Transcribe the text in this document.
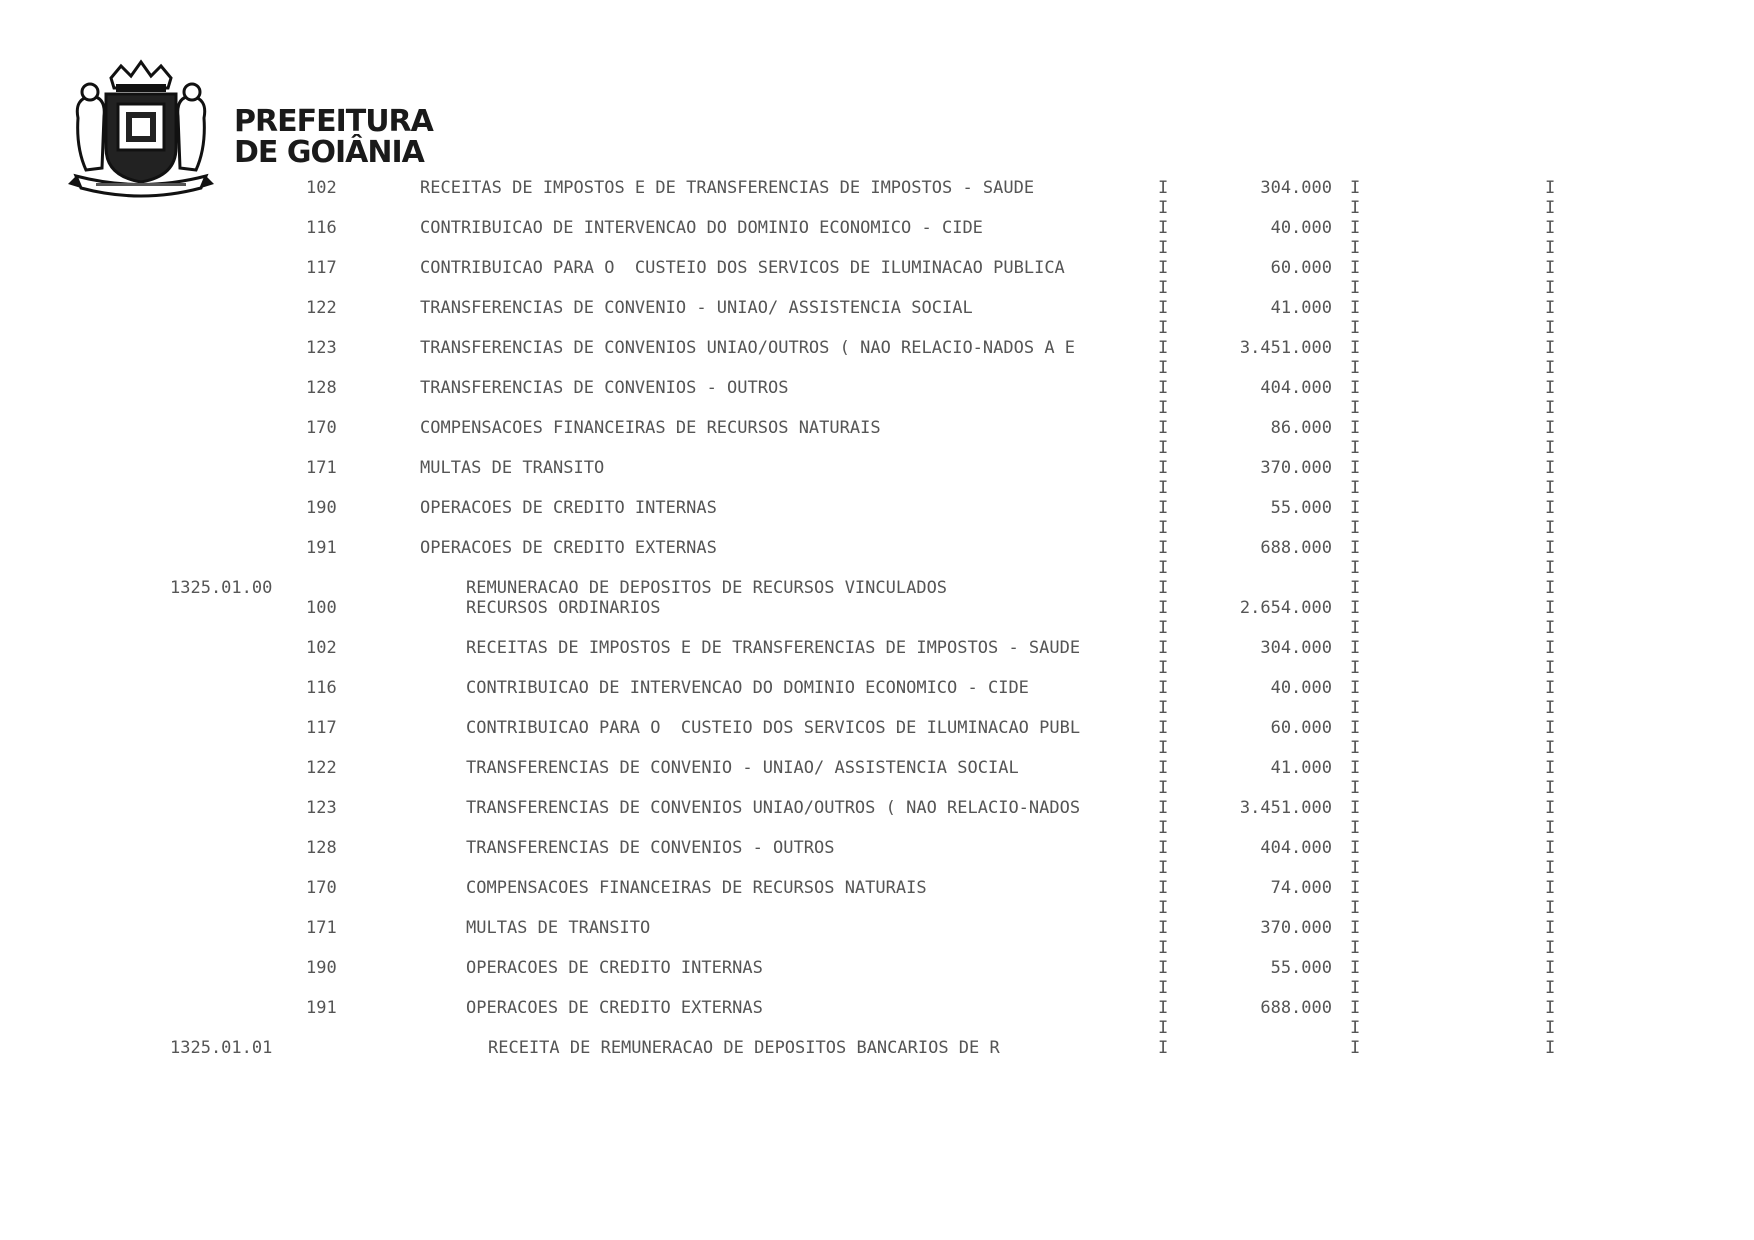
PREFEITURA
DE GOIÂNIA
102	RECEITAS DE IMPOSTOS E DE TRANSFERENCIAS DE IMPOSTOS - SAUDE	I	304.000 I	I
I	I	I
116	CONTRIBUICAO DE INTERVENCAO DO DOMINIO ECONOMICO - CIDE	I	40.000 I	I
I	I	I
117	CONTRIBUICAO PARA O  CUSTEIO DOS SERVICOS DE ILUMINACAO PUBLICA	I	60.000 I	I
I	I	I
122	TRANSFERENCIAS DE CONVENIO - UNIAO/ ASSISTENCIA SOCIAL	I	41.000 I	I
I	I	I
123	TRANSFERENCIAS DE CONVENIOS UNIAO/OUTROS ( NAO RELACIO-NADOS A E	I	3.451.000 I	I
I	I	I
128	TRANSFERENCIAS DE CONVENIOS - OUTROS	I	404.000 I	I
I	I	I
170	COMPENSACOES FINANCEIRAS DE RECURSOS NATURAIS	I	86.000 I	I
I	I	I
171	MULTAS DE TRANSITO	I	370.000 I	I
I	I	I
190	OPERACOES DE CREDITO INTERNAS	I	55.000 I	I
I	I	I
191	OPERACOES DE CREDITO EXTERNAS	I	688.000 I	I
I	I	I
1325.01.00	REMUNERACAO DE DEPOSITOS DE RECURSOS VINCULADOS	I	I	I
100	RECURSOS ORDINARIOS	I	2.654.000 I	I
I	I	I
102	RECEITAS DE IMPOSTOS E DE TRANSFERENCIAS DE IMPOSTOS - SAUDE	I	304.000 I	I
I	I	I
116	CONTRIBUICAO DE INTERVENCAO DO DOMINIO ECONOMICO - CIDE	I	40.000 I	I
I	I	I
117	CONTRIBUICAO PARA O  CUSTEIO DOS SERVICOS DE ILUMINACAO PUBL	I	60.000 I	I
I	I	I
122	TRANSFERENCIAS DE CONVENIO - UNIAO/ ASSISTENCIA SOCIAL	I	41.000 I	I
I	I	I
123	TRANSFERENCIAS DE CONVENIOS UNIAO/OUTROS ( NAO RELACIO-NADOS	I	3.451.000 I	I
I	I	I
128	TRANSFERENCIAS DE CONVENIOS - OUTROS	I	404.000 I	I
I	I	I
170	COMPENSACOES FINANCEIRAS DE RECURSOS NATURAIS	I	74.000 I	I
I	I	I
171	MULTAS DE TRANSITO	I	370.000 I	I
I	I	I
190	OPERACOES DE CREDITO INTERNAS	I	55.000 I	I
I	I	I
191	OPERACOES DE CREDITO EXTERNAS	I	688.000 I	I
I	I	I
1325.01.01	RECEITA DE REMUNERACAO DE DEPOSITOS BANCARIOS DE R	I	I	I
